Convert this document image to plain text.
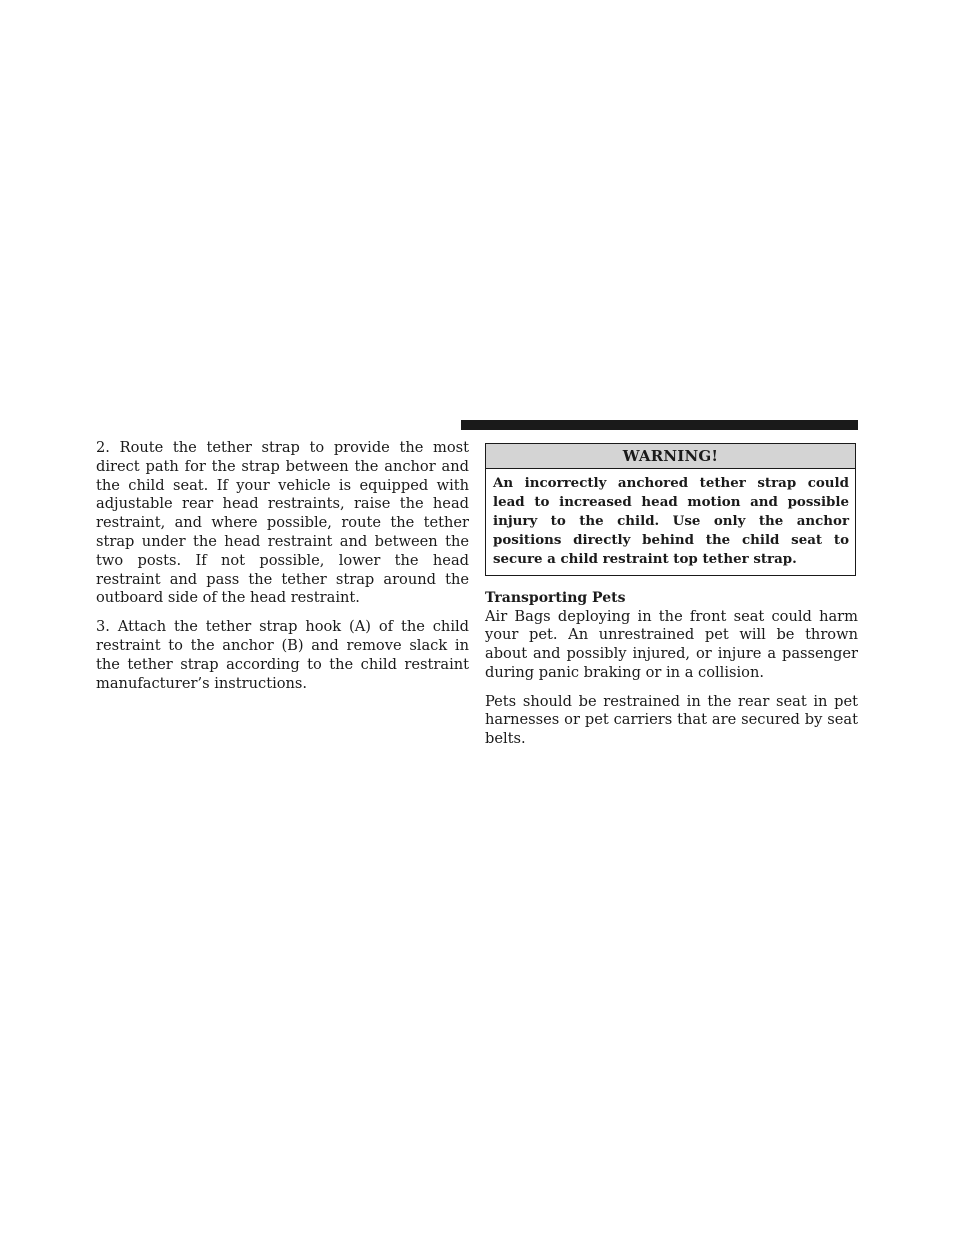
2. Route the tether strap to provide the most direct path for the strap between the anchor and the child seat. If your vehicle is equipped with adjustable rear head restraints, raise the head restraint, and where possible, route the tether strap under the head restraint and between the two posts. If not possible, lower the head restraint and pass the tether strap around the outboard side of the head restraint.

3. Attach the tether strap hook (A) of the child restraint to the anchor (B) and remove slack in the tether strap according to the child restraint manufacturer’s instructions.

WARNING!
An incorrectly anchored tether strap could lead to increased head motion and possible injury to the child. Use only the anchor positions directly behind the child seat to secure a child restraint top tether strap.

Transporting Pets

Air Bags deploying in the front seat could harm your pet. An unrestrained pet will be thrown about and possibly injured, or injure a passenger during panic braking or in a collision.

Pets should be restrained in the rear seat in pet harnesses or pet carriers that are secured by seat belts.
